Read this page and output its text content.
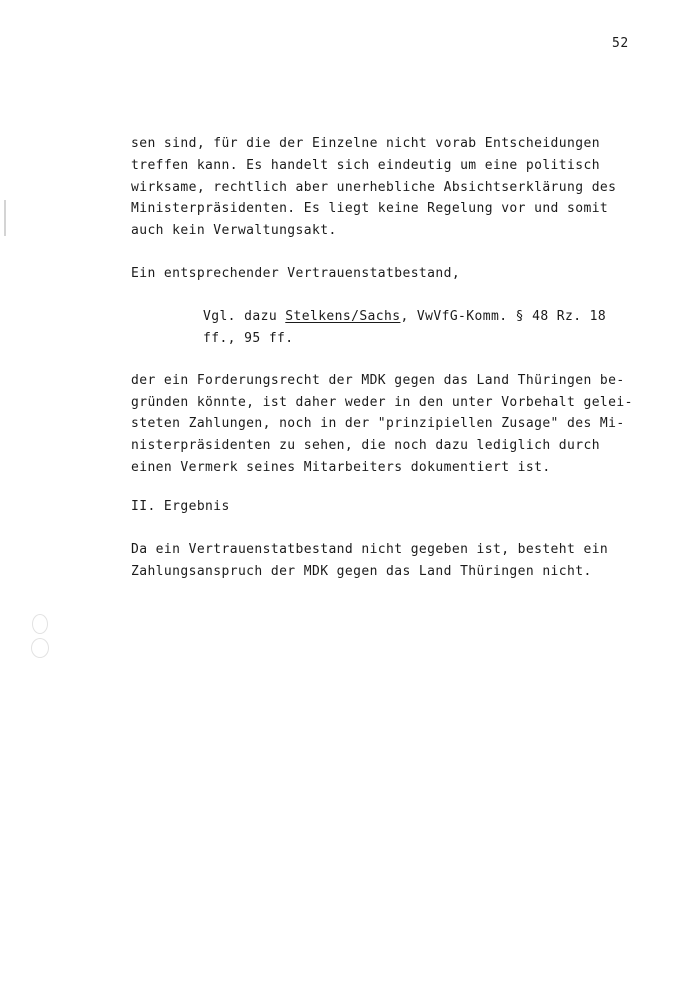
52
sen sind, für die der Einzelne nicht vorab Entscheidungen
treffen kann. Es handelt sich eindeutig um eine politisch
wirksame, rechtlich aber unerhebliche Absichtserklärung des
Ministerpräsidenten. Es liegt keine Regelung vor und somit
auch kein Verwaltungsakt.
Ein entsprechender Vertrauenstatbestand,
Vgl. dazu Stelkens/Sachs, VwVfG-Komm. § 48 Rz. 18
ff., 95 ff.
der ein Forderungsrecht der MDK gegen das Land Thüringen be-
gründen könnte, ist daher weder in den unter Vorbehalt gelei-
steten Zahlungen, noch in der "prinzipiellen Zusage" des Mi-
nisterpräsidenten zu sehen, die noch dazu lediglich durch
einen Vermerk seines Mitarbeiters dokumentiert ist.
II. Ergebnis
Da ein Vertrauenstatbestand nicht gegeben ist, besteht ein
Zahlungsanspruch der MDK gegen das Land Thüringen nicht.
